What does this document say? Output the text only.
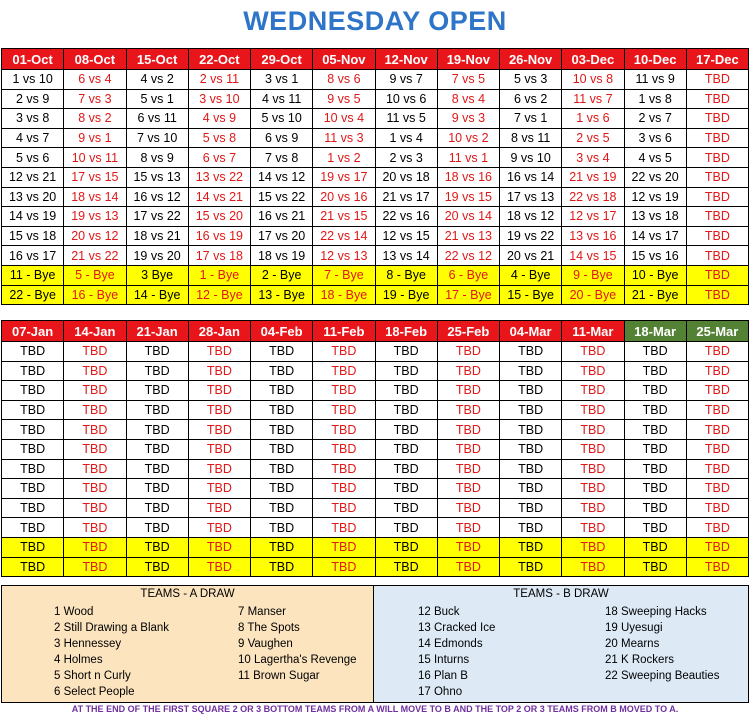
WEDNESDAY OPEN
01-Oct	08-Oct	15-Oct	22-Oct	29-Oct	05-Nov	12-Nov	19-Nov	26-Nov	03-Dec	10-Dec	17-Dec
1 vs 10	6 vs 4	4 vs 2	2 vs 11	3 vs 1	8 vs 6	9 vs 7	7 vs 5	5 vs 3	10 vs 8	11 vs 9	TBD
2 vs 9	7 vs 3	5 vs 1	3 vs 10	4 vs 11	9 vs 5	10 vs 6	8 vs 4	6 vs 2	11 vs 7	1 vs 8	TBD
3 vs 8	8 vs 2	6 vs 11	4 vs 9	5 vs 10	10 vs 4	11 vs 5	9 vs 3	7 vs 1	1 vs 6	2 vs 7	TBD
4 vs 7	9 vs 1	7 vs 10	5 vs 8	6 vs 9	11 vs 3	1 vs 4	10 vs 2	8 vs 11	2 vs 5	3 vs 6	TBD
5 vs 6	10 vs 11	8 vs 9	6 vs 7	7 vs 8	1 vs 2	2 vs 3	11 vs 1	9 vs 10	3 vs 4	4 vs 5	TBD
12 vs 21	17 vs 15	15 vs 13	13 vs 22	14 vs 12	19 vs 17	20 vs 18	18 vs 16	16 vs 14	21 vs 19	22 vs 20	TBD
13 vs 20	18 vs 14	16 vs 12	14 vs 21	15 vs 22	20 vs 16	21 vs 17	19 vs 15	17 vs 13	22 vs 18	12 vs 19	TBD
14 vs 19	19 vs 13	17 vs 22	15 vs 20	16 vs 21	21 vs 15	22 vs 16	20 vs 14	18 vs 12	12 vs 17	13 vs 18	TBD
15 vs 18	20 vs 12	18 vs 21	16 vs 19	17 vs 20	22 vs 14	12 vs 15	21 vs 13	19 vs 22	13 vs 16	14 vs 17	TBD
16 vs 17	21 vs 22	19 vs 20	17 vs 18	18 vs 19	12 vs 13	13 vs 14	22 vs 12	20 vs 21	14 vs 15	15 vs 16	TBD
11 - Bye	5 - Bye	3 Bye	1 - Bye	2 - Bye	7 - Bye	8 - Bye	6 - Bye	4 - Bye	9 - Bye	10 - Bye	TBD
22 - Bye	16 - Bye	14 - Bye	12 - Bye	13 - Bye	18 - Bye	19 - Bye	17 - Bye	15 - Bye	20 - Bye	21 - Bye	TBD
07-Jan	14-Jan	21-Jan	28-Jan	04-Feb	11-Feb	18-Feb	25-Feb	04-Mar	11-Mar	18-Mar	25-Mar
TBD	TBD	TBD	TBD	TBD	TBD	TBD	TBD	TBD	TBD	TBD	TBD
TBD	TBD	TBD	TBD	TBD	TBD	TBD	TBD	TBD	TBD	TBD	TBD
TBD	TBD	TBD	TBD	TBD	TBD	TBD	TBD	TBD	TBD	TBD	TBD
TBD	TBD	TBD	TBD	TBD	TBD	TBD	TBD	TBD	TBD	TBD	TBD
TBD	TBD	TBD	TBD	TBD	TBD	TBD	TBD	TBD	TBD	TBD	TBD
TBD	TBD	TBD	TBD	TBD	TBD	TBD	TBD	TBD	TBD	TBD	TBD
TBD	TBD	TBD	TBD	TBD	TBD	TBD	TBD	TBD	TBD	TBD	TBD
TBD	TBD	TBD	TBD	TBD	TBD	TBD	TBD	TBD	TBD	TBD	TBD
TBD	TBD	TBD	TBD	TBD	TBD	TBD	TBD	TBD	TBD	TBD	TBD
TBD	TBD	TBD	TBD	TBD	TBD	TBD	TBD	TBD	TBD	TBD	TBD
TBD	TBD	TBD	TBD	TBD	TBD	TBD	TBD	TBD	TBD	TBD	TBD
TBD	TBD	TBD	TBD	TBD	TBD	TBD	TBD	TBD	TBD	TBD	TBD
TEAMS - A DRAW
1 Wood
2 Still Drawing a Blank
3 Hennessey
4 Holmes
5 Short n Curly
6 Select People
7 Manser
8 The Spots
9 Vaughen
10 Lagertha's Revenge
11 Brown Sugar
TEAMS - B DRAW
12 Buck
13 Cracked Ice
14 Edmonds
15 Inturns
16 Plan B
17 Ohno
18 Sweeping Hacks
19 Uyesugi
20 Mearns
21 K Rockers
22 Sweeping Beauties
AT THE END OF THE FIRST SQUARE 2 OR 3 BOTTOM TEAMS FROM A WILL MOVE TO B AND THE TOP 2 OR 3 TEAMS FROM B MOVED TO A.
